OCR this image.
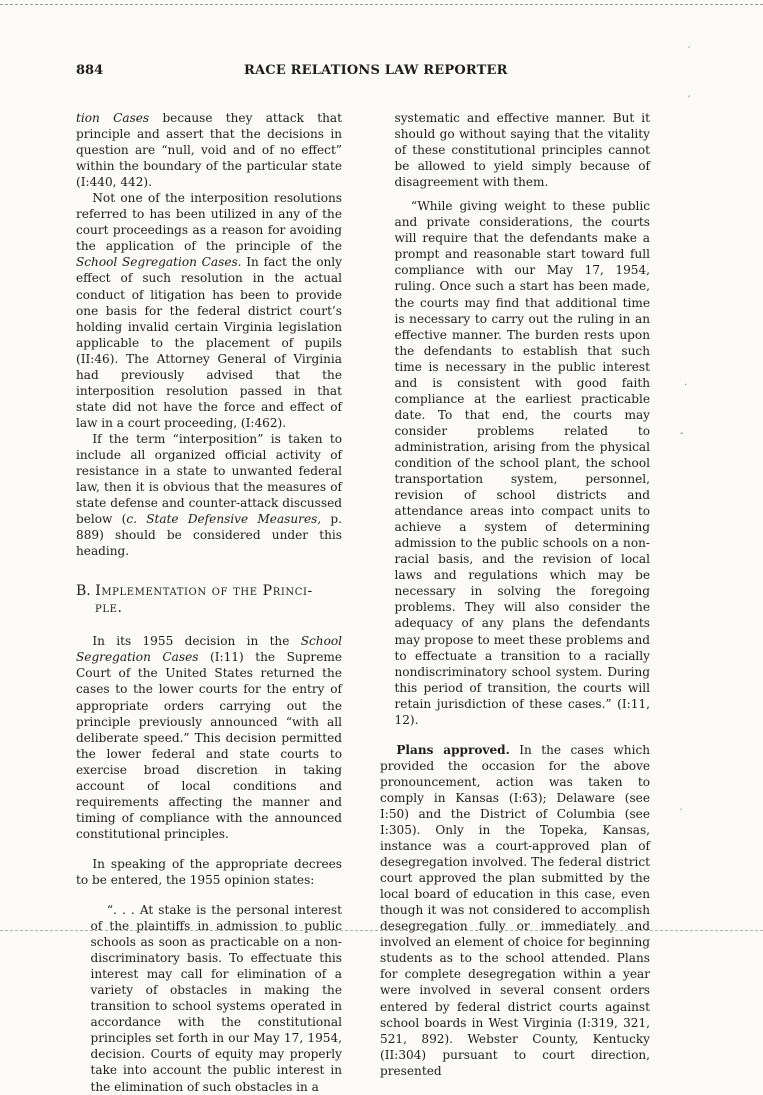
884	RACE RELATIONS LAW REPORTER

tion Cases because they attack that principle and assert that the decisions in question are “null, void and of no effect” within the boundary of the particular state (I:440, 442).

Not one of the interposition resolutions referred to has been utilized in any of the court proceedings as a reason for avoiding the application of the principle of the School Segregation Cases. In fact the only effect of such resolution in the actual conduct of litigation has been to provide one basis for the federal district court’s holding invalid certain Virginia legislation applicable to the placement of pupils (II:46). The Attorney General of Virginia had previously advised that the interposition resolution passed in that state did not have the force and effect of law in a court proceeding, (I:462).

If the term “interposition” is taken to include all organized official activity of resistance in a state to unwanted federal law, then it is obvious that the measures of state defense and counter-attack discussed below (c. State Defensive Measures, p. 889) should be considered under this heading.

B. Implementation of the Princi-
ple.

In its 1955 decision in the School Segregation Cases (I:11) the Supreme Court of the United States returned the cases to the lower courts for the entry of appropriate orders carrying out the principle previously announced “with all deliberate speed.” This decision permitted the lower federal and state courts to exercise broad discretion in taking account of local conditions and requirements affecting the manner and timing of compliance with the announced constitutional principles.

In speaking of the appropriate decrees to be entered, the 1955 opinion states:

“. . . At stake is the personal interest of the plaintiffs in admission to public schools as soon as practicable on a non-discriminatory basis. To effectuate this interest may call for elimination of a variety of obstacles in making the transition to school systems operated in accordance with the constitutional principles set forth in our May 17, 1954, decision. Courts of equity may properly take into account the public interest in the elimination of such obstacles in a

systematic and effective manner. But it should go without saying that the vitality of these constitutional principles cannot be allowed to yield simply because of disagreement with them.

“While giving weight to these public and private considerations, the courts will require that the defendants make a prompt and reasonable start toward full compliance with our May 17, 1954, ruling. Once such a start has been made, the courts may find that additional time is necessary to carry out the ruling in an effective manner. The burden rests upon the defendants to establish that such time is necessary in the public interest and is consistent with good faith compliance at the earliest practicable date. To that end, the courts may consider problems related to administration, arising from the physical condition of the school plant, the school transportation system, personnel, revision of school districts and attendance areas into compact units to achieve a system of determining admission to the public schools on a non-racial basis, and the revision of local laws and regulations which may be necessary in solving the foregoing problems. They will also consider the adequacy of any plans the defendants may propose to meet these problems and to effectuate a transition to a racially nondiscriminatory school system. During this period of transition, the courts will retain jurisdiction of these cases.” (I:11, 12).

Plans approved. In the cases which provided the occasion for the above pronouncement, action was taken to comply in Kansas (I:63); Delaware (see I:50) and the District of Columbia (see I:305). Only in the Topeka, Kansas, instance was a court-approved plan of desegregation involved. The federal district court approved the plan submitted by the local board of education in this case, even though it was not considered to accomplish desegregation fully or immediately and involved an element of choice for beginning students as to the school attended. Plans for complete desegregation within a year were involved in several consent orders entered by federal district courts against school boards in West Virginia (I:319, 321, 521, 892). Webster County, Kentucky (II:304) pursuant to court direction, presented

′
ˊ
‧
‐
′
